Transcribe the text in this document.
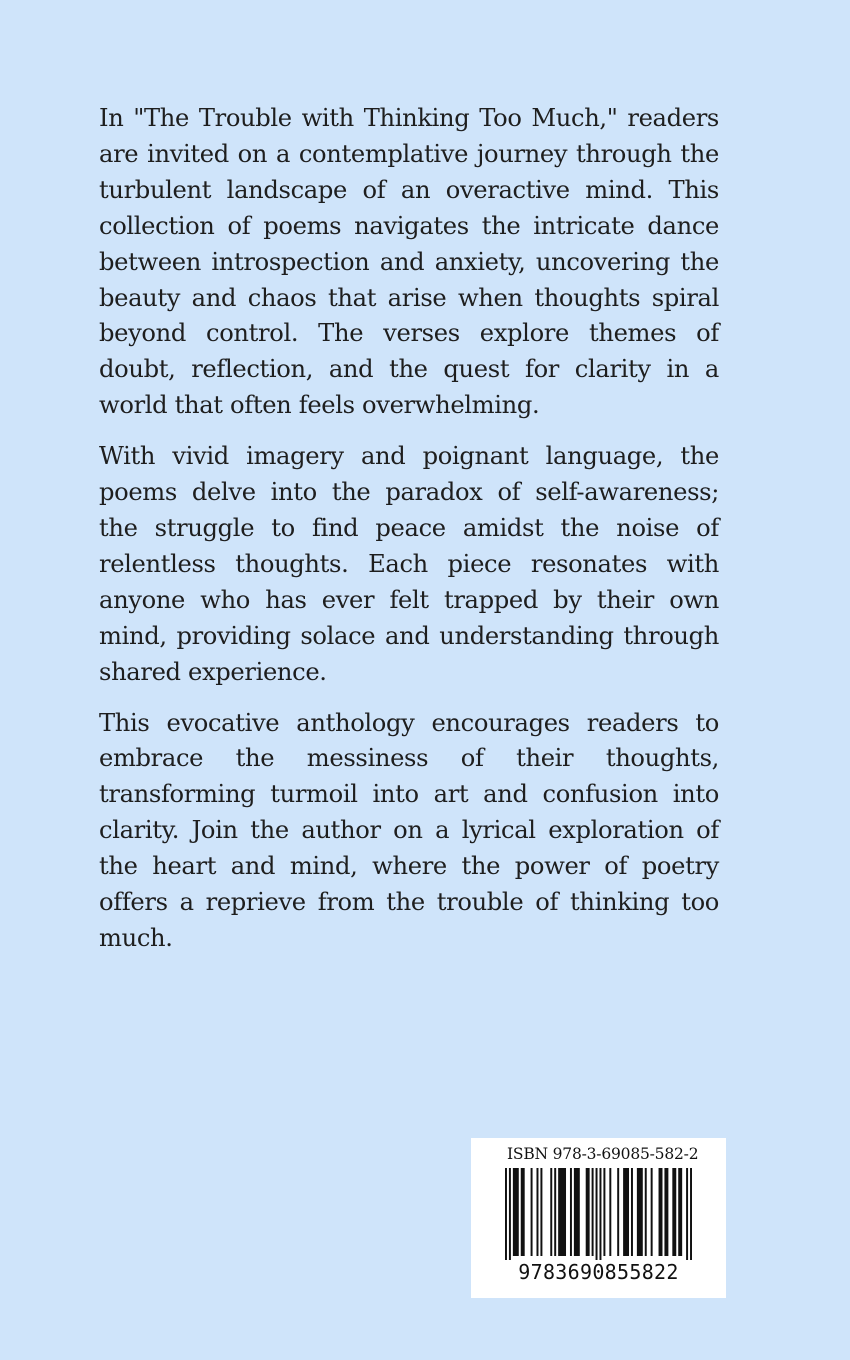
In "The Trouble with Thinking Too Much," readers are invited on a contemplative journey through the turbulent landscape of an overactive mind. This collection of poems navigates the intricate dance between introspection and anxiety, uncovering the beauty and chaos that arise when thoughts spiral beyond control. The verses explore themes of doubt, reflection, and the quest for clarity in a world that often feels overwhelming.

With vivid imagery and poignant language, the poems delve into the paradox of self-awareness; the struggle to find peace amidst the noise of relentless thoughts. Each piece resonates with anyone who has ever felt trapped by their own mind, providing solace and understanding through shared experience.

This evocative anthology encourages readers to embrace the messiness of their thoughts, transforming turmoil into art and confusion into clarity. Join the author on a lyrical exploration of the heart and mind, where the power of poetry offers a reprieve from the trouble of thinking too much.

ISBN 978-3-69085-582-2
9783690855822
